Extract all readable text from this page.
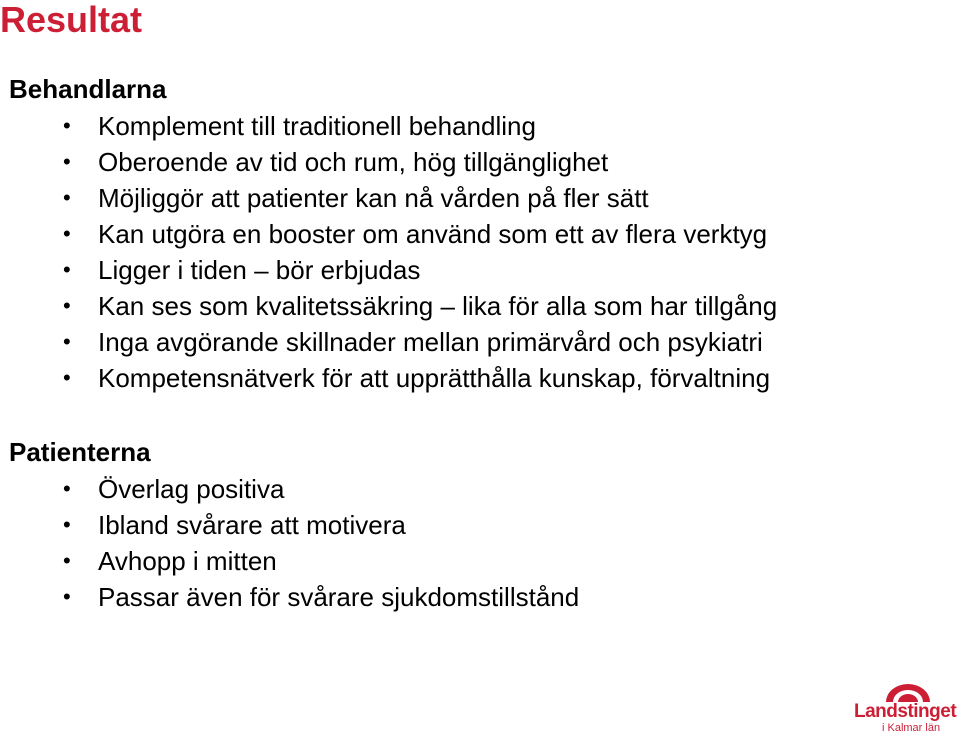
Resultat
Behandlarna
• Komplement till traditionell behandling
• Oberoende av tid och rum, hög tillgänglighet
• Möjliggör att patienter kan nå vården på fler sätt
• Kan utgöra en booster om använd som ett av flera verktyg
• Ligger i tiden – bör erbjudas
• Kan ses som kvalitetssäkring – lika för alla som har tillgång
• Inga avgörande skillnader mellan primärvård och psykiatri
• Kompetensnätverk för att upprätthålla kunskap, förvaltning
Patienterna
• Överlag positiva
• Ibland svårare att motivera
• Avhopp i mitten
• Passar även för svårare sjukdomstillstånd
Landstinget
i Kalmar län
